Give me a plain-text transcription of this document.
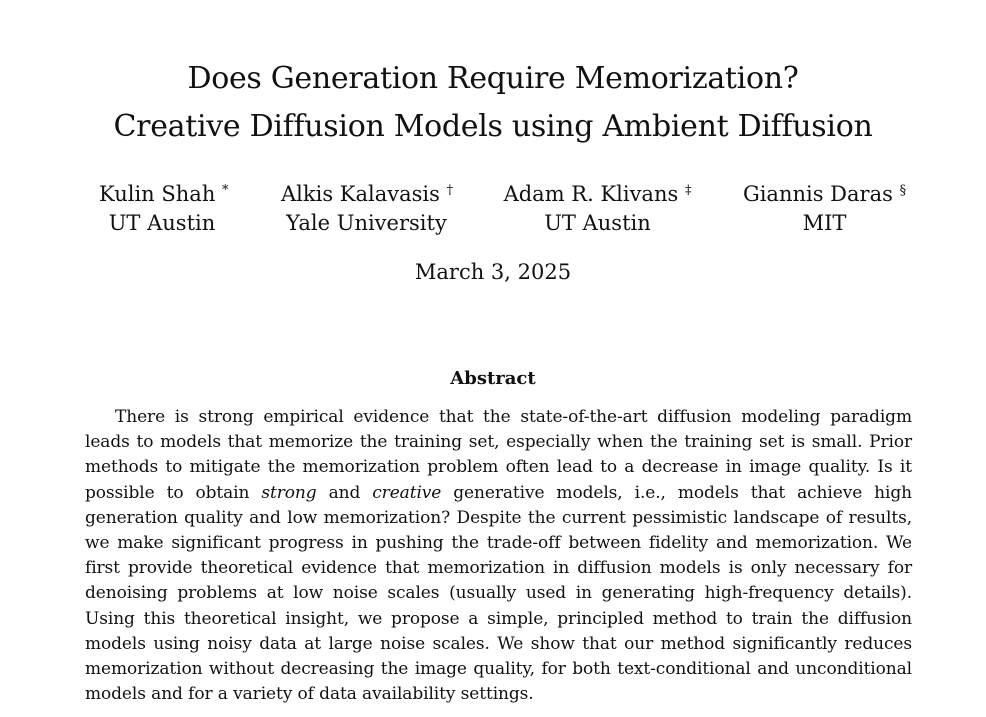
Does Generation Require Memorization?
Creative Diffusion Models using Ambient Diffusion
Kulin Shah *
UT Austin
Alkis Kalavasis †
Yale University
Adam R. Klivans ‡
UT Austin
Giannis Daras §
MIT
March 3, 2025
Abstract

There is strong empirical evidence that the state-of-the-art diffusion modeling paradigm leads to models that memorize the training set, especially when the training set is small. Prior methods to mitigate the memorization problem often lead to a decrease in image quality. Is it possible to obtain strong and creative generative models, i.e., models that achieve high generation quality and low memorization? Despite the current pessimistic landscape of results, we make significant progress in pushing the trade-off between fidelity and memorization. We first provide theoretical evidence that memorization in diffusion models is only necessary for denoising problems at low noise scales (usually used in generating high-frequency details). Using this theoretical insight, we propose a simple, principled method to train the diffusion models using noisy data at large noise scales. We show that our method significantly reduces memorization without decreasing the image quality, for both text-conditional and unconditional models and for a variety of data availability settings.
